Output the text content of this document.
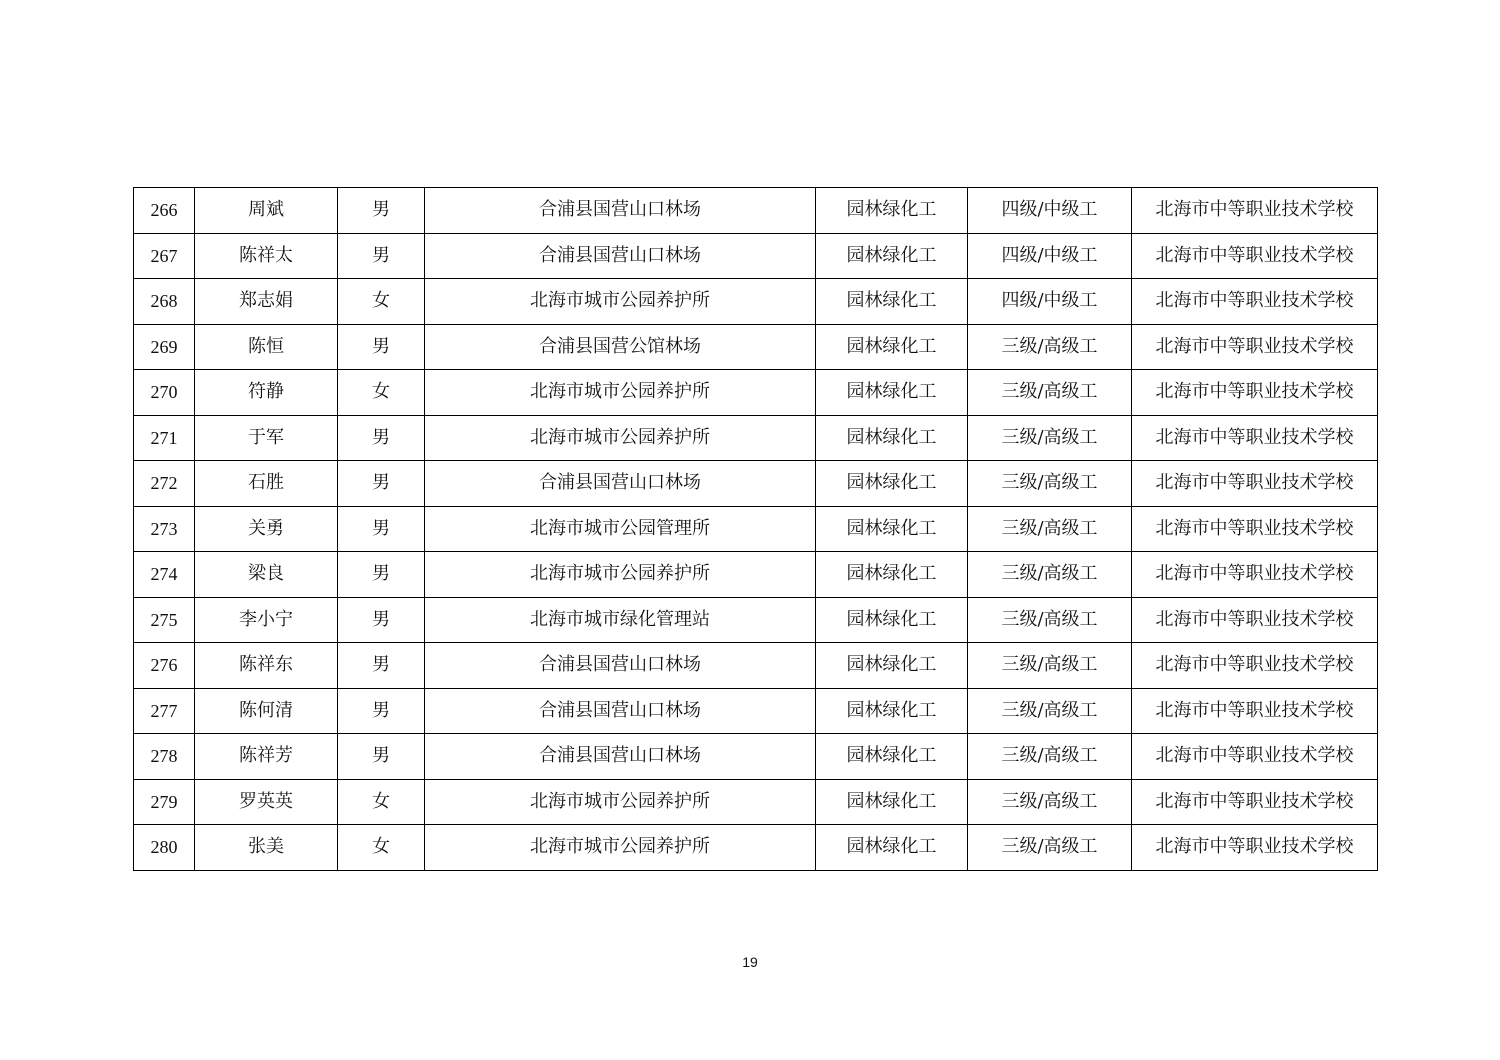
266	周斌	男	合浦县国营山口林场	园林绿化工	四级/中级工	北海市中等职业技术学校
267	陈祥太	男	合浦县国营山口林场	园林绿化工	四级/中级工	北海市中等职业技术学校
268	郑志娟	女	北海市城市公园养护所	园林绿化工	四级/中级工	北海市中等职业技术学校
269	陈恒	男	合浦县国营公馆林场	园林绿化工	三级/高级工	北海市中等职业技术学校
270	符静	女	北海市城市公园养护所	园林绿化工	三级/高级工	北海市中等职业技术学校
271	于军	男	北海市城市公园养护所	园林绿化工	三级/高级工	北海市中等职业技术学校
272	石胜	男	合浦县国营山口林场	园林绿化工	三级/高级工	北海市中等职业技术学校
273	关勇	男	北海市城市公园管理所	园林绿化工	三级/高级工	北海市中等职业技术学校
274	梁良	男	北海市城市公园养护所	园林绿化工	三级/高级工	北海市中等职业技术学校
275	李小宁	男	北海市城市绿化管理站	园林绿化工	三级/高级工	北海市中等职业技术学校
276	陈祥东	男	合浦县国营山口林场	园林绿化工	三级/高级工	北海市中等职业技术学校
277	陈何清	男	合浦县国营山口林场	园林绿化工	三级/高级工	北海市中等职业技术学校
278	陈祥芳	男	合浦县国营山口林场	园林绿化工	三级/高级工	北海市中等职业技术学校
279	罗英英	女	北海市城市公园养护所	园林绿化工	三级/高级工	北海市中等职业技术学校
280	张美	女	北海市城市公园养护所	园林绿化工	三级/高级工	北海市中等职业技术学校
19
